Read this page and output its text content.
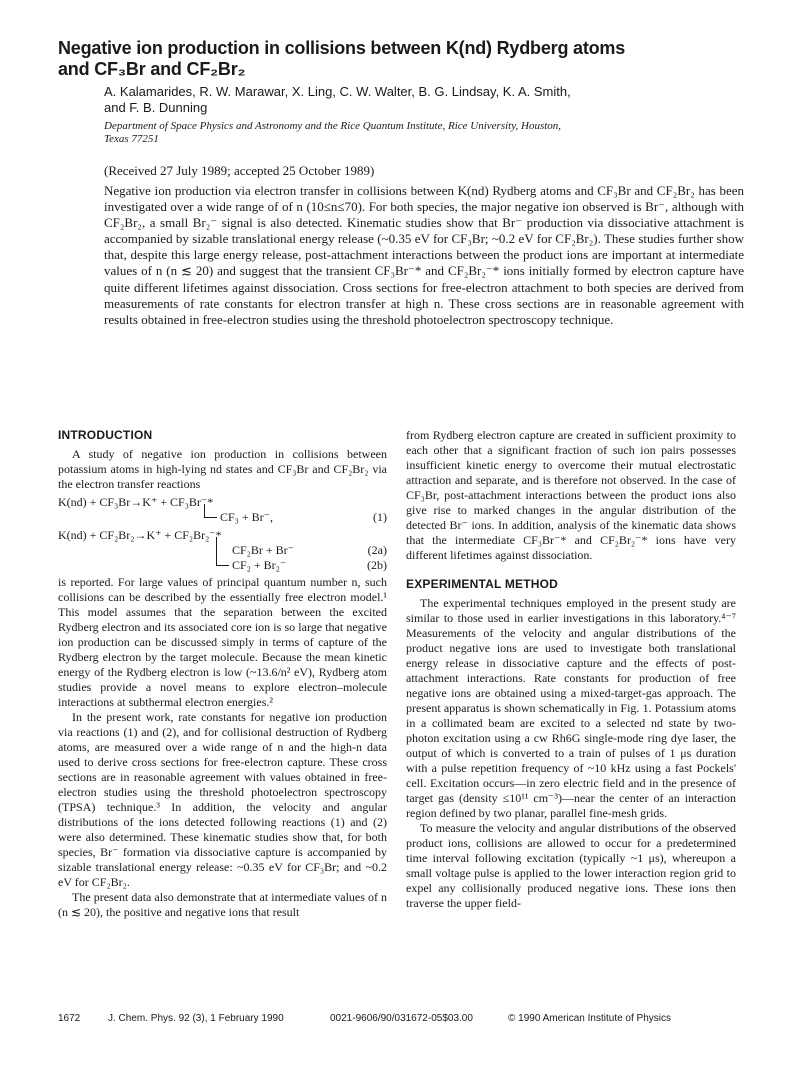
Negative ion production in collisions between K(nd) Rydberg atoms
and CF₃Br and CF₂Br₂
A. Kalamarides, R. W. Marawar, X. Ling, C. W. Walter, B. G. Lindsay, K. A. Smith,
and F. B. Dunning
Department of Space Physics and Astronomy and the Rice Quantum Institute, Rice University, Houston,
Texas 77251
(Received 27 July 1989; accepted 25 October 1989)
Negative ion production via electron transfer in collisions between K(nd) Rydberg atoms and CF₃Br and CF₂Br₂ has been investigated over a wide range of of n (10≤n≤70). For both species, the major negative ion observed is Br⁻, although with CF₂Br₂, a small Br₂⁻ signal is also detected. Kinematic studies show that Br⁻ production via dissociative attachment is accompanied by sizable translational energy release (~0.35 eV for CF₃Br; ~0.2 eV for CF₂Br₂). These studies further show that, despite this large energy release, post-attachment interactions between the product ions are important at intermediate values of n (n ≲ 20) and suggest that the transient CF₃Br⁻* and CF₂Br₂⁻* ions initially formed by electron capture have quite different lifetimes against dissociation. Cross sections for free-electron attachment to both species are derived from measurements of rate constants for electron transfer at high n. These cross sections are in reasonable agreement with results obtained in free-electron studies using the threshold photoelectron spectroscopy technique.
INTRODUCTION

A study of negative ion production in collisions between potassium atoms in high-lying nd states and CF₃Br and CF₂Br₂ via the electron transfer reactions

K(nd) + CF₃Br→K⁺ + CF₃Br⁻*
CF₃ + Br⁻,	(1)
K(nd) + CF₂Br₂→K⁺ + CF₂Br₂⁻*
CF₂Br + Br⁻	(2a)
CF₂ + Br₂⁻	(2b)

is reported. For large values of principal quantum number n, such collisions can be described by the essentially free electron model.¹ This model assumes that the separation between the excited Rydberg electron and its associated core ion is so large that negative ion production can be discussed simply in terms of capture of the Rydberg electron by the target molecule. Because the mean kinetic energy of the Rydberg electron is low (~13.6/n² eV), Rydberg atom studies provide a novel means to explore electron–molecule interactions at subthermal electron energies.²

In the present work, rate constants for negative ion production via reactions (1) and (2), and for collisional destruction of Rydberg atoms, are measured over a wide range of n and the high-n data used to derive cross sections for free-electron capture. These cross sections are in reasonable agreement with values obtained in free-electron studies using the threshold photoelectron spectroscopy (TPSA) technique.³ In addition, the velocity and angular distributions of the ions detected following reactions (1) and (2) were also determined. These kinematic studies show that, for both species, Br⁻ formation via dissociative capture is accompanied by sizable translational energy release: ~0.35 eV for CF₃Br; and ~0.2 eV for CF₂Br₂.

The present data also demonstrate that at intermediate values of n (n ≲ 20), the positive and negative ions that result

from Rydberg electron capture are created in sufficient proximity to each other that a significant fraction of such ion pairs possesses insufficient kinetic energy to overcome their mutual electrostatic attraction and separate, and is therefore not observed. In the case of CF₃Br, post-attachment interactions between the product ions also give rise to marked changes in the angular distribution of the detected Br⁻ ions. In addition, analysis of the kinematic data shows that the intermediate CF₃Br⁻* and CF₂Br₂⁻* ions have very different lifetimes against dissociation.

EXPERIMENTAL METHOD

The experimental techniques employed in the present study are similar to those used in earlier investigations in this laboratory.⁴⁻⁷ Measurements of the velocity and angular distributions of the product negative ions are used to investigate both translational energy release in dissociative capture and the effects of post-attachment interactions. Rate constants for production of free negative ions are obtained using a mixed-target-gas approach. The present apparatus is shown schematically in Fig. 1. Potassium atoms in a collimated beam are excited to a selected nd state by two-photon excitation using a cw Rh6G single-mode ring dye laser, the output of which is converted to a train of pulses of 1 μs duration with a pulse repetition frequency of ~10 kHz using a fast Pockels' cell. Excitation occurs—in zero electric field and in the presence of target gas (density ≤10¹¹ cm⁻³)—near the center of an interaction region defined by two planar, parallel fine-mesh grids.

To measure the velocity and angular distributions of the observed product ions, collisions are allowed to occur for a predetermined time interval following excitation (typically ~1 μs), whereupon a small voltage pulse is applied to the lower interaction region grid to expel any collisionally produced negative ions. These ions then traverse the upper field-

1672	J. Chem. Phys. 92 (3), 1 February 1990	0021-9606/90/031672-05$03.00	© 1990 American Institute of Physics
